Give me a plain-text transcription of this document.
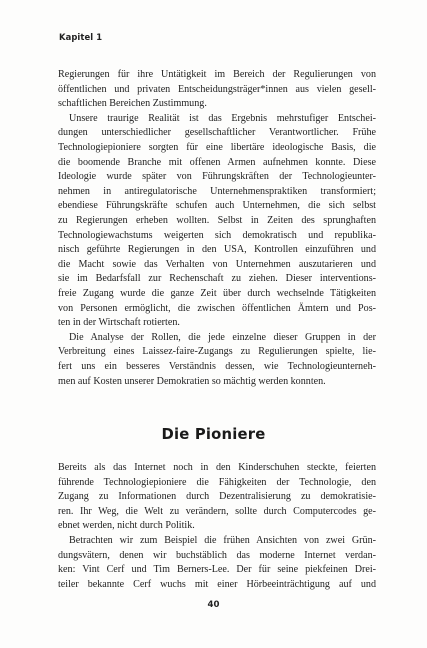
Kapitel 1
Regierungen für ihre Untätigkeit im Bereich der Regulierungen von
öffentlichen und privaten Entscheidungsträger*innen aus vielen gesell-
schaftlichen Bereichen Zustimmung.
Unsere traurige Realität ist das Ergebnis mehrstufiger Entschei-
dungen unterschiedlicher gesellschaftlicher Verantwortlicher. Frühe
Technologiepioniere sorgten für eine libertäre ideologische Basis, die
die boomende Branche mit offenen Armen aufnehmen konnte. Diese
Ideologie wurde später von Führungskräften der Technologieunter-
nehmen in antiregulatorische Unternehmenspraktiken transformiert;
ebendiese Führungskräfte schufen auch Unternehmen, die sich selbst
zu Regierungen erheben wollten. Selbst in Zeiten des sprunghaften
Technologiewachstums weigerten sich demokratisch und republika-
nisch geführte Regierungen in den USA, Kontrollen einzuführen und
die Macht sowie das Verhalten von Unternehmen auszutarieren und
sie im Bedarfsfall zur Rechenschaft zu ziehen. Dieser interventions-
freie Zugang wurde die ganze Zeit über durch wechselnde Tätigkeiten
von Personen ermöglicht, die zwischen öffentlichen Ämtern und Pos-
ten in der Wirtschaft rotierten.
Die Analyse der Rollen, die jede einzelne dieser Gruppen in der
Verbreitung eines Laissez-faire-Zugangs zu Regulierungen spielte, lie-
fert uns ein besseres Verständnis dessen, wie Technologieunterneh-
men auf Kosten unserer Demokratien so mächtig werden konnten.
Die Pioniere
Bereits als das Internet noch in den Kinderschuhen steckte, feierten
führende Technologiepioniere die Fähigkeiten der Technologie, den
Zugang zu Informationen durch Dezentralisierung zu demokratisie-
ren. Ihr Weg, die Welt zu verändern, sollte durch Computercodes ge-
ebnet werden, nicht durch Politik.
Betrachten wir zum Beispiel die frühen Ansichten von zwei Grün-
dungsvätern, denen wir buchstäblich das moderne Internet verdan-
ken: Vint Cerf und Tim Berners-Lee. Der für seine piekfeinen Drei-
teiler bekannte Cerf wuchs mit einer Hörbeeinträchtigung auf und
40
